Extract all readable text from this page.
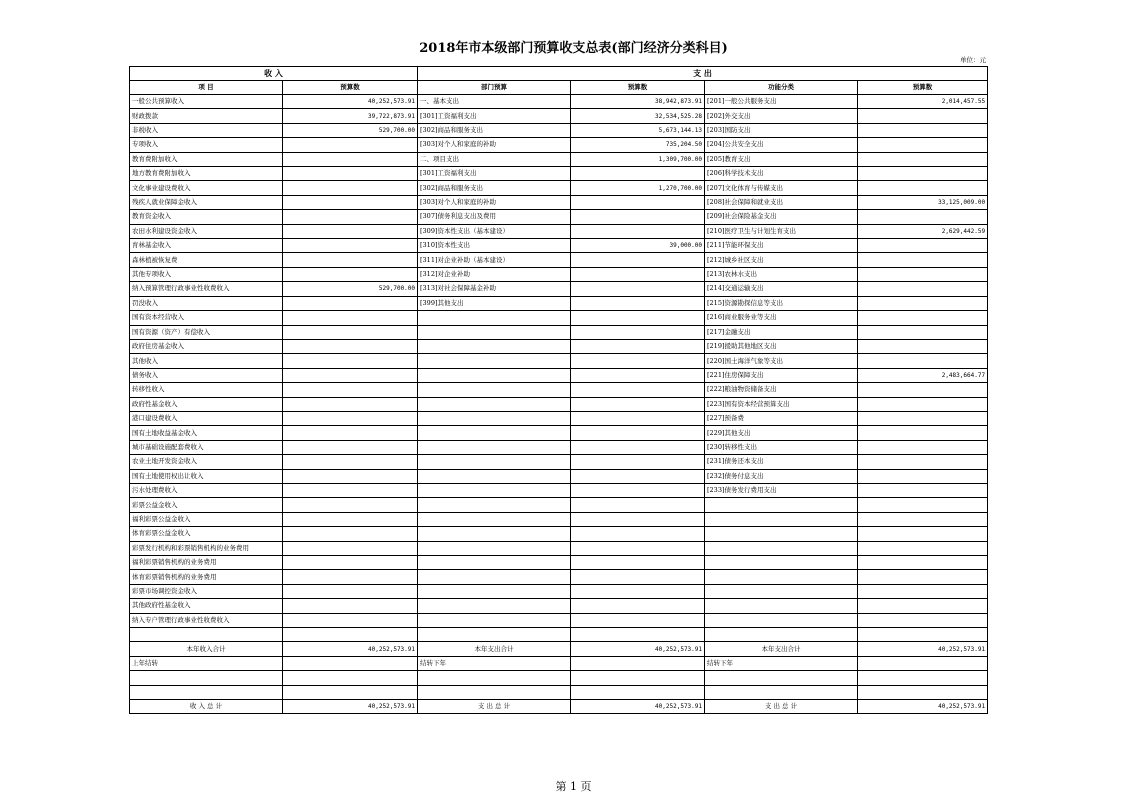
2018年市本级部门预算收支总表(部门经济分类科目)
单位：元
收 入		支 出			
项 目	预算数	部门预算	预算数	功能分类	预算数
一般公共预算收入	40,252,573.91	一、基本支出	38,942,873.91	[201]一般公共服务支出	2,014,457.55
财政拨款	39,722,873.91	[301]工资福利支出	32,534,525.28	[202]外交支出	
非税收入	529,700.00	[302]商品和服务支出	5,673,144.13	[203]国防支出	
专项收入		[303]对个人和家庭的补助	735,204.50	[204]公共安全支出	
教育费附加收入		二、项目支出	1,309,700.00	[205]教育支出	
地方教育费附加收入		[301]工资福利支出		[206]科学技术支出	
文化事业建设费收入		[302]商品和服务支出	1,270,700.00	[207]文化体育与传媒支出	
残疾人就业保障金收入		[303]对个人和家庭的补助		[208]社会保障和就业支出	33,125,009.00
教育资金收入		[307]债务利息支出及费用		[209]社会保险基金支出	
农田水利建设资金收入		[309]资本性支出（基本建设）		[210]医疗卫生与计划生育支出	2,629,442.59
育林基金收入		[310]资本性支出	39,000.00	[211]节能环保支出	
森林植被恢复费		[311]对企业补助（基本建设）		[212]城乡社区支出	
其他专项收入		[312]对企业补助		[213]农林水支出	
纳入预算管理行政事业性收费收入	529,700.00	[313]对社会保障基金补助		[214]交通运输支出	
罚没收入		[399]其他支出		[215]资源勘探信息等支出	
国有资本经营收入				[216]商业服务业等支出	
国有资源（资产）有偿收入				[217]金融支出	
政府住房基金收入				[219]援助其他地区支出	
其他收入				[220]国土海洋气象等支出	
债务收入				[221]住房保障支出	2,483,664.77
转移性收入				[222]粮油物资储备支出	
政府性基金收入				[223]国有资本经营预算支出	
港口建设费收入				[227]预备费	
国有土地收益基金收入				[229]其他支出	
城市基础设施配套费收入				[230]转移性支出	
农业土地开发资金收入				[231]债务还本支出	
国有土地使用权出让收入				[232]债务付息支出	
污水处理费收入				[233]债务发行费用支出	
彩票公益金收入					
福利彩票公益金收入					
体育彩票公益金收入					
彩票发行机构和彩票销售机构的业务费用					
福利彩票销售机构的业务费用					
体育彩票销售机构的业务费用					
彩票市场调控资金收入					
其他政府性基金收入					
纳入专户管理行政事业性收费收入					

本年收入合计	40,252,573.91	本年支出合计	40,252,573.91	本年支出合计	40,252,573.91
上年结转		结转下年		结转下年	

收 入 总 计	40,252,573.91	支 出 总 计	40,252,573.91	支 出 总 计	40,252,573.91
第 1 页
